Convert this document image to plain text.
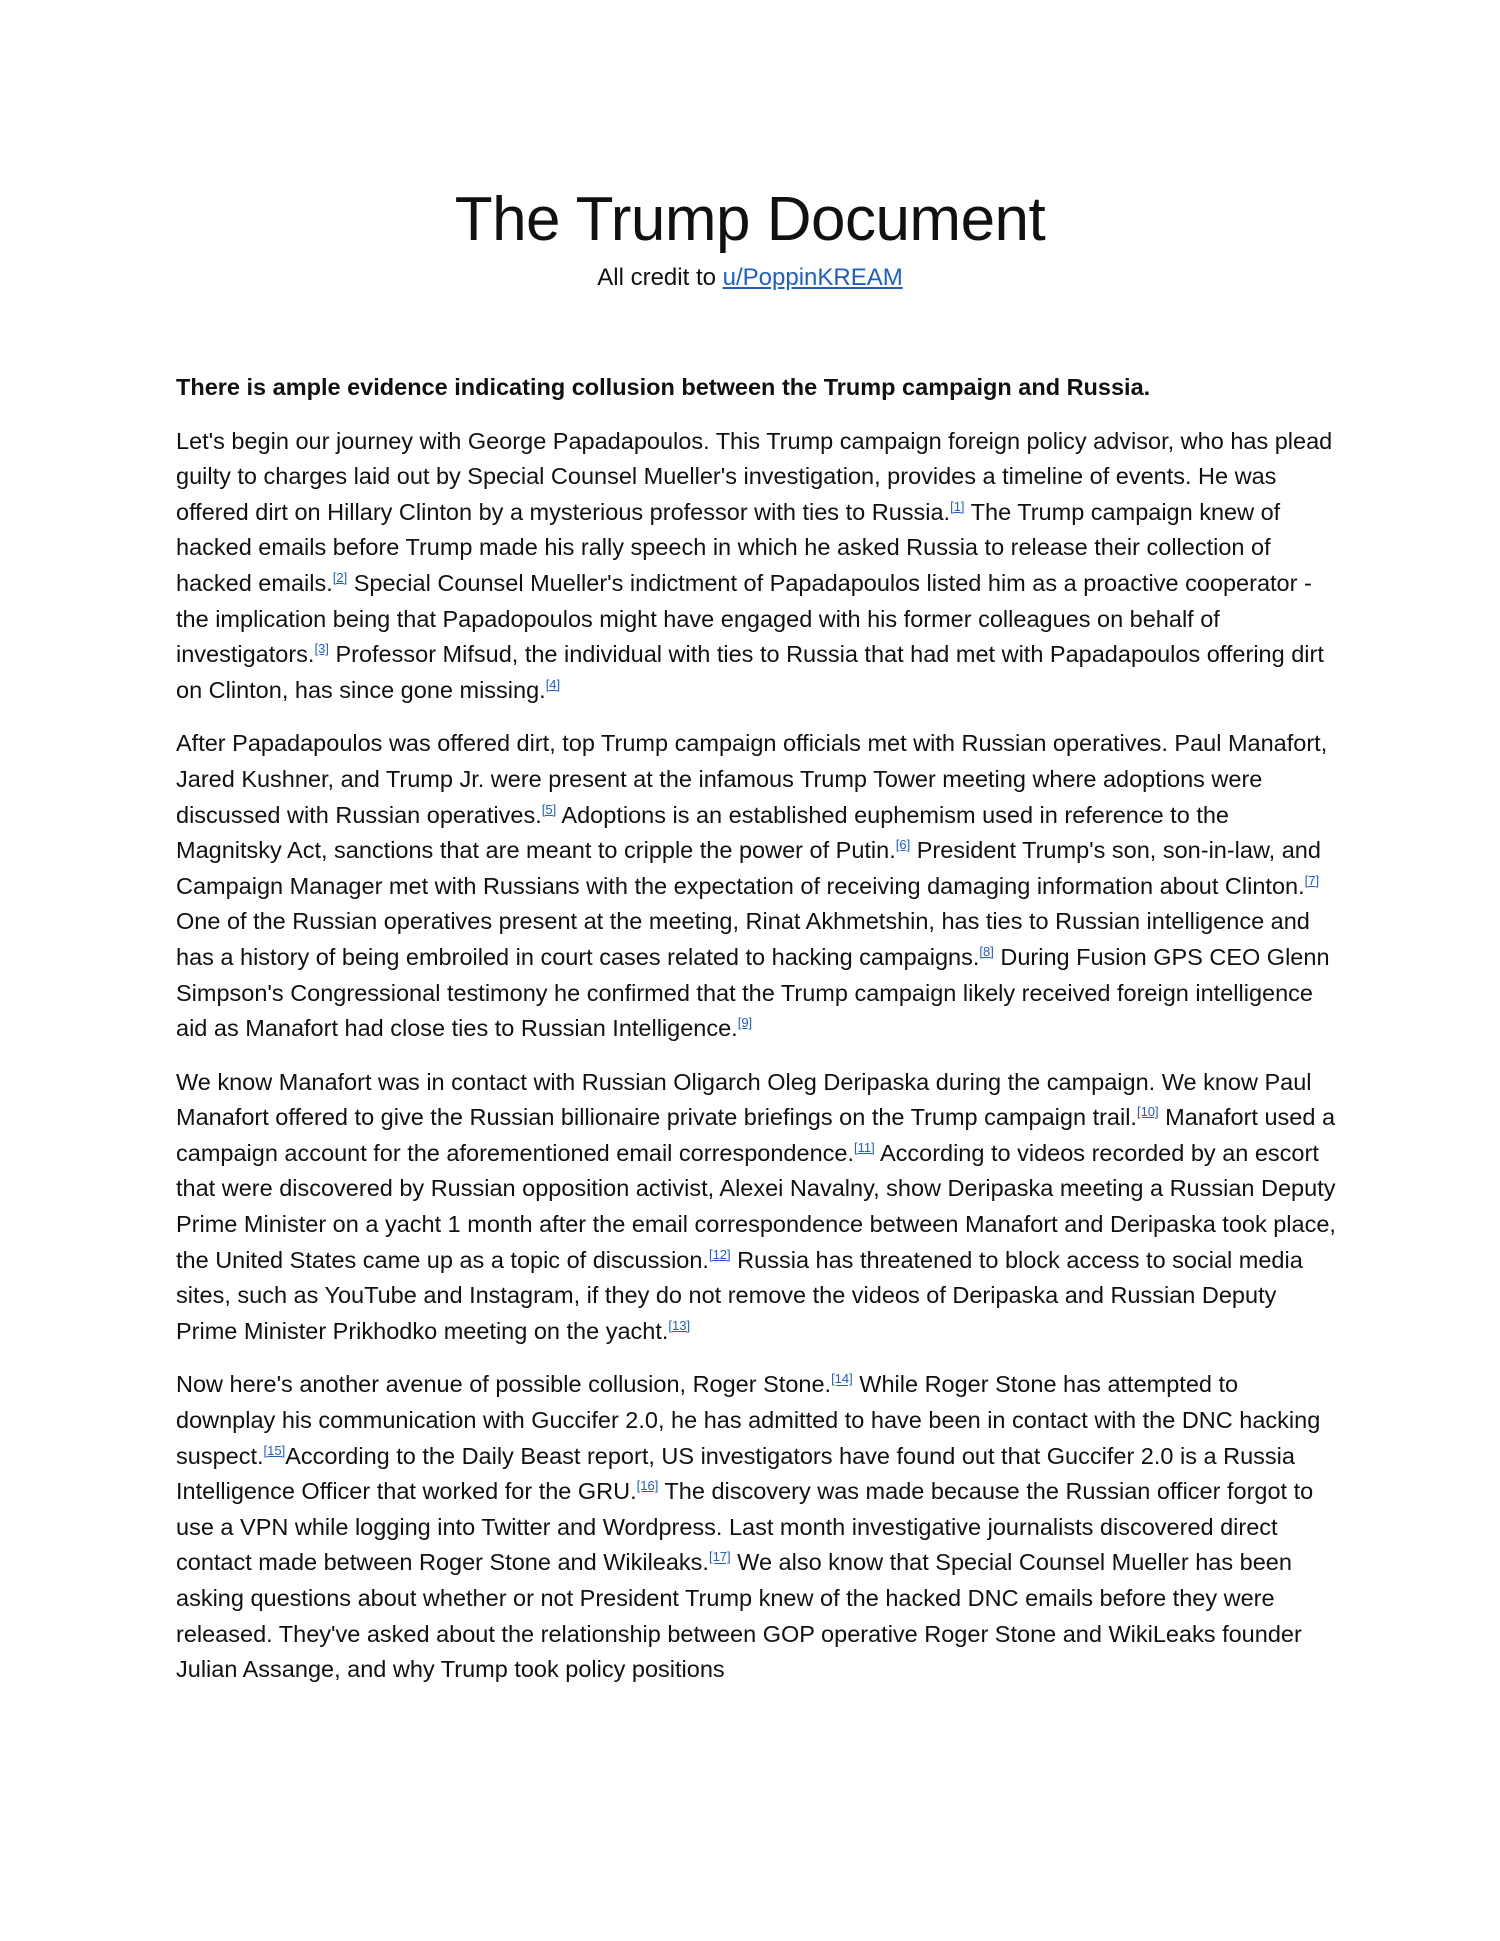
The Trump Document
All credit to u/PoppinKREAM

There is ample evidence indicating collusion between the Trump campaign and Russia.

Let's begin our journey with George Papadapoulos. This Trump campaign foreign policy advisor, who has plead guilty to charges laid out by Special Counsel Mueller's investigation, provides a timeline of events. He was offered dirt on Hillary Clinton by a mysterious professor with ties to Russia.[1] The Trump campaign knew of hacked emails before Trump made his rally speech in which he asked Russia to release their collection of hacked emails.[2] Special Counsel Mueller's indictment of Papadapoulos listed him as a proactive cooperator - the implication being that Papadopoulos might have engaged with his former colleagues on behalf of investigators.[3] Professor Mifsud, the individual with ties to Russia that had met with Papadapoulos offering dirt on Clinton, has since gone missing.[4]

After Papadapoulos was offered dirt, top Trump campaign officials met with Russian operatives. Paul Manafort, Jared Kushner, and Trump Jr. were present at the infamous Trump Tower meeting where adoptions were discussed with Russian operatives.[5] Adoptions is an established euphemism used in reference to the Magnitsky Act, sanctions that are meant to cripple the power of Putin.[6] President Trump's son, son-in-law, and Campaign Manager met with Russians with the expectation of receiving damaging information about Clinton.[7] One of the Russian operatives present at the meeting, Rinat Akhmetshin, has ties to Russian intelligence and has a history of being embroiled in court cases related to hacking campaigns.[8] During Fusion GPS CEO Glenn Simpson's Congressional testimony he confirmed that the Trump campaign likely received foreign intelligence aid as Manafort had close ties to Russian Intelligence.[9]

We know Manafort was in contact with Russian Oligarch Oleg Deripaska during the campaign. We know Paul Manafort offered to give the Russian billionaire private briefings on the Trump campaign trail.[10] Manafort used a campaign account for the aforementioned email correspondence.[11] According to videos recorded by an escort that were discovered by Russian opposition activist, Alexei Navalny, show Deripaska meeting a Russian Deputy Prime Minister on a yacht 1 month after the email correspondence between Manafort and Deripaska took place, the United States came up as a topic of discussion.[12] Russia has threatened to block access to social media sites, such as YouTube and Instagram, if they do not remove the videos of Deripaska and Russian Deputy Prime Minister Prikhodko meeting on the yacht.[13]

Now here's another avenue of possible collusion, Roger Stone.[14] While Roger Stone has attempted to downplay his communication with Guccifer 2.0, he has admitted to have been in contact with the DNC hacking suspect.[15]According to the Daily Beast report, US investigators have found out that Guccifer 2.0 is a Russia Intelligence Officer that worked for the GRU.[16] The discovery was made because the Russian officer forgot to use a VPN while logging into Twitter and Wordpress. Last month investigative journalists discovered direct contact made between Roger Stone and Wikileaks.[17] We also know that Special Counsel Mueller has been asking questions about whether or not President Trump knew of the hacked DNC emails before they were released. They've asked about the relationship between GOP operative Roger Stone and WikiLeaks founder Julian Assange, and why Trump took policy positions
